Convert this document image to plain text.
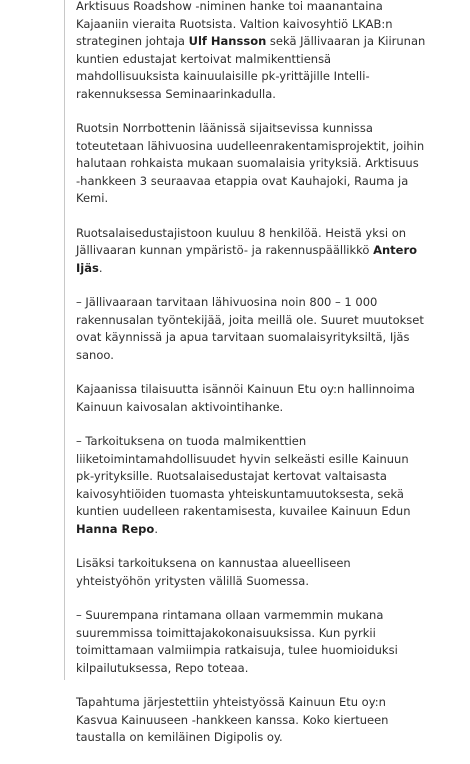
Arktisuus Roadshow -niminen hanke toi maanantaina Kajaaniin vieraita Ruotsista. Valtion kaivosyhtiö LKAB:n strateginen johtaja Ulf Hansson sekä Jällivaaran ja Kiirunan kuntien edustajat kertoivat malmikenttiensä mahdollisuuksista kainuulaisille pk-yrittäjille Intelli-rakennuksessa Seminaarinkadulla.

Ruotsin Norrbottenin läänissä sijaitsevissa kunnissa toteutetaan lähivuosina uudelleenrakentamisprojektit, joihin halutaan rohkaista mukaan suomalaisia yrityksiä. Arktisuus -hankkeen 3 seuraavaa etappia ovat Kauhajoki, Rauma ja Kemi.

Ruotsalaisedustajistoon kuuluu 8 henkilöä. Heistä yksi on Jällivaaran kunnan ympäristö- ja rakennuspäällikkö Antero Ijäs.

– Jällivaaraan tarvitaan lähivuosina noin 800 – 1 000 rakennusalan työntekijää, joita meillä ole. Suuret muutokset ovat käynnissä ja apua tarvitaan suomalaisyrityksiltä, Ijäs sanoo.

Kajaanissa tilaisuutta isännöi Kainuun Etu oy:n hallinnoima Kainuun kaivosalan aktivointihanke.

– Tarkoituksena on tuoda malmikenttien liiketoimintamahdollisuudet hyvin selkeästi esille Kainuun pk-yrityksille. Ruotsalaisedustajat kertovat valtaisasta kaivosyhtiöiden tuomasta yhteiskuntamuutoksesta, sekä kuntien uudelleen rakentamisesta, kuvailee Kainuun Edun Hanna Repo.

Lisäksi tarkoituksena on kannustaa alueelliseen yhteistyöhön yritysten välillä Suomessa.

– Suurempana rintamana ollaan varmemmin mukana suuremmissa toimittajakokonaisuuksissa. Kun pyrkii toimittamaan valmiimpia ratkaisuja, tulee huomioiduksi kilpailutuksessa, Repo toteaa.

Tapahtuma järjestettiin yhteistyössä Kainuun Etu oy:n Kasvua Kainuuseen -hankkeen kanssa. Koko kiertueen taustalla on kemiläinen Digipolis oy.
